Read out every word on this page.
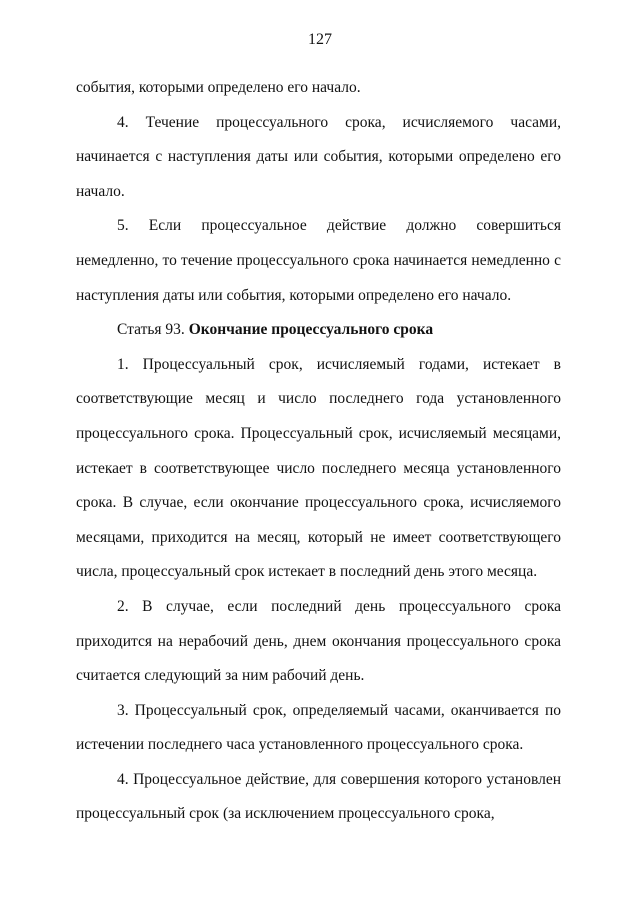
127

события, которыми определено его начало.

4. Течение процессуального срока, исчисляемого часами, начинается с наступления даты или события, которыми определено его начало.

5. Если процессуальное действие должно совершиться немедленно, то течение процессуального срока начинается немедленно с наступления даты или события, которыми определено его начало.

Статья 93. Окончание процессуального срока

1. Процессуальный срок, исчисляемый годами, истекает в соответствующие месяц и число последнего года установленного процессуального срока. Процессуальный срок, исчисляемый месяцами, истекает в соответствующее число последнего месяца установленного срока. В случае, если окончание процессуального срока, исчисляемого месяцами, приходится на месяц, который не имеет соответствующего числа, процессуальный срок истекает в последний день этого месяца.

2. В случае, если последний день процессуального срока приходится на нерабочий день, днем окончания процессуального срока считается следующий за ним рабочий день.

3. Процессуальный срок, определяемый часами, оканчивается по истечении последнего часа установленного процессуального срока.

4. Процессуальное действие, для совершения которого установлен процессуальный срок (за исключением процессуального срока,
